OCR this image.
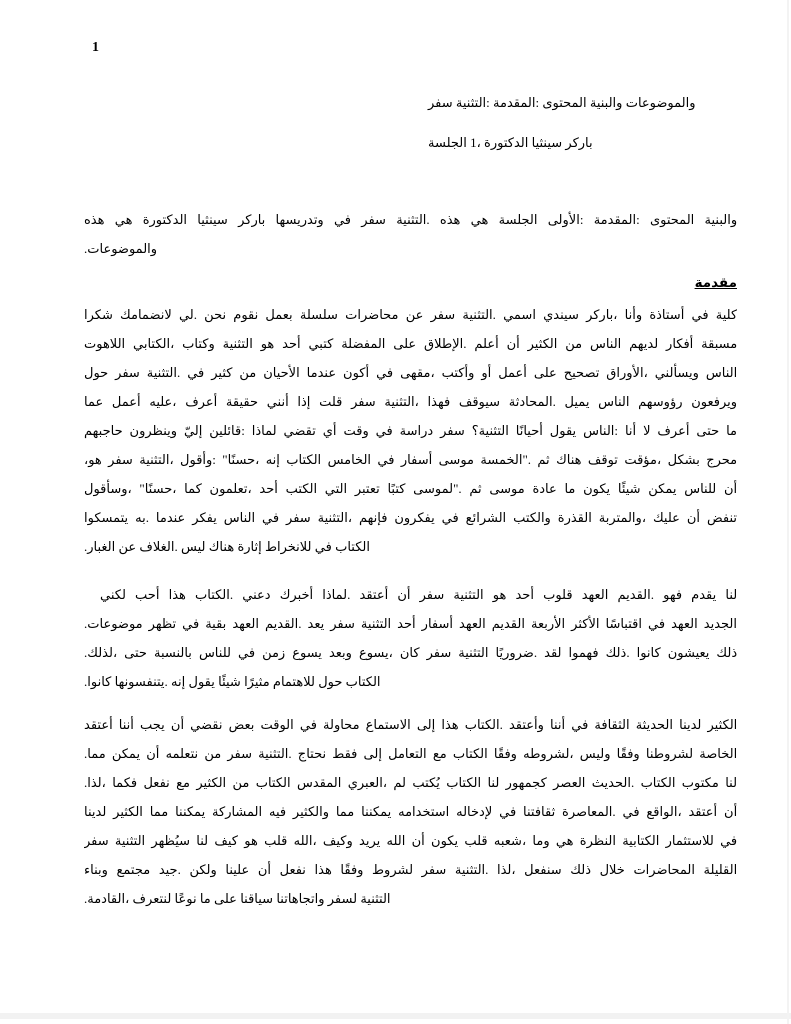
1
سفر ‎التثنية: ‎المقدمة: ‎المحتوى ‎والبنية ‎والموضوعات
الجلسة ‎1، ‎الدكتورة ‎سينثيا ‎باركر
هذه ‎هي ‎الدكتورة ‎سينثيا ‎باركر ‎وتدريسها ‎في ‎سفر ‎التثنية. ‎هذه ‎هي ‎الجلسة ‎الأولى: ‎المقدمة: ‎المحتوى ‎والبنية
.والموضوعات
مقدمة
شكرا ‎لانضمامك ‎لي. ‎نحن ‎نقوم ‎بعمل ‎سلسلة ‎محاضرات ‎عن ‎سفر ‎التثنية. ‎اسمي ‎سيندي ‎باركر، ‎وأنا ‎أستاذة ‎في ‎كلية
اللاهوت ‎الكتابي، ‎وكتاب ‎التثنية ‎هو ‎أحد ‎كتبي ‎المفضلة ‎على ‎الإطلاق. ‎أعلم ‎أن ‎الكثير ‎من ‎الناس ‎لديهم ‎أفكار ‎مسبقة
حول ‎سفر ‎التثنية. ‎في ‎كثير ‎من ‎الأحيان ‎عندما ‎أكون ‎في ‎مقهى، ‎وأكتب ‎أو ‎أعمل ‎على ‎تصحيح ‎الأوراق، ‎ويسألني ‎الناس
عما ‎أعمل ‎عليه، ‎أعرف ‎حقيقة ‎أنني ‎إذا ‎قلت ‎سفر ‎التثنية، ‎فهذا ‎سيوقف ‎المحادثة. ‎يميل ‎الناس ‎رؤوسهم ‎ويرفعون
حاجبهم ‎وينظرون ‎إليّ ‎قائلين: ‎لماذا ‎تقضي ‎أي ‎وقت ‎في ‎دراسة ‎سفر ‎التثنية؟ ‎أحيانًا ‎يقول ‎الناس: ‎أنا ‎لا ‎أعرف ‎حتى ‎ما
،هو ‎سفر ‎التثنية، ‎وأقول: ‎"حسنًا، ‎إنه ‎الكتاب ‎الخامس ‎في ‎أسفار ‎موسى ‎الخمسة". ‎ثم ‎هناك ‎توقف ‎مؤقت، ‎بشكل ‎محرج
وسأقول، ‎"حسنًا، ‎كما ‎تعلمون، ‎أحد ‎الكتب ‎التي ‎تعتبر ‎كتبًا ‎لموسى". ‎ثم ‎موسى ‎عادة ‎ما ‎يكون ‎شيئًا ‎يمكن ‎للناس ‎أن
يتمسكوا ‎به. ‎عندما ‎يفكر ‎الناس ‎في ‎سفر ‎التثنية، ‎فإنهم ‎يفكرون ‎في ‎الشرائع ‎والكتب ‎القذرة ‎والمتربة، ‎عليك ‎أن ‎تنفض
.الغبار ‎عن ‎الغلاف. ‎ليس ‎هناك ‎إثارة ‎للانخراط ‎في ‎الكتاب
لكني ‎أحب ‎هذا ‎الكتاب. ‎دعني ‎أخبرك ‎لماذا. ‎أعتقد ‎أن ‎سفر ‎التثنية ‎هو ‎أحد ‎قلوب ‎العهد ‎القديم. ‎فهو ‎يقدم ‎لنا
.موضوعات ‎تظهر ‎في ‎بقية ‎العهد ‎القديم. ‎يعد ‎سفر ‎التثنية ‎أحد ‎أسفار ‎العهد ‎القديم ‎الأربعة ‎الأكثر ‎اقتباسًا ‎في ‎العهد ‎الجديد
.لذلك، ‎حتى ‎بالنسبة ‎للناس ‎في ‎زمن ‎يسوع ‎وبعد ‎يسوع، ‎كان ‎سفر ‎التثنية ‎ضروريًا. ‎لقد ‎فهموا ‎ذلك. ‎كانوا ‎يعيشون ‎ذلك
.كانوا ‎يتنفسونها. ‎إنه ‎يقول ‎شيئًا ‎مثيرًا ‎للاهتمام ‎حول ‎الكتاب
أعتقد ‎أننا ‎يجب ‎أن ‎نقضي ‎بعض ‎الوقت ‎في ‎محاولة ‎الاستماع ‎إلى ‎هذا ‎الكتاب. ‎وأعتقد ‎أننا ‎في ‎الثقافة ‎الحديثة ‎لدينا ‎الكثير
.مما ‎يمكن ‎أن ‎نتعلمه ‎من ‎سفر ‎التثنية. ‎نحتاج ‎فقط ‎إلى ‎التعامل ‎مع ‎الكتاب ‎وفقًا ‎لشروطه، ‎وليس ‎وفقًا ‎لشروطنا ‎الخاصة
.لذا، ‎فكما ‎نفعل ‎مع ‎الكثير ‎من ‎الكتاب ‎المقدس ‎العبري، ‎لم ‎يُكتب ‎الكتاب ‎لنا ‎كجمهور ‎العصر ‎الحديث. ‎الكتاب ‎مكتوب ‎لنا
لدينا ‎الكثير ‎مما ‎يمكننا ‎المشاركة ‎فيه ‎والكثير ‎مما ‎يمكننا ‎استخدامه ‎لإدخاله ‎في ‎ثقافتنا ‎المعاصرة. ‎في ‎الواقع، ‎أعتقد ‎أن
سفر ‎التثنية ‎سيُظهر ‎لنا ‎كيف ‎هو ‎قلب ‎الله، ‎وكيف ‎يريد ‎الله ‎أن ‎يكون ‎قلب ‎شعبه، ‎وما ‎هي ‎النظرة ‎الكتابية ‎للاستثمار ‎في
وبناء ‎مجتمع ‎جيد. ‎ولكن ‎علينا ‎أن ‎نفعل ‎هذا ‎وفقًا ‎لشروط ‎سفر ‎التثنية. ‎لذا، ‎سنفعل ‎ذلك ‎خلال ‎المحاضرات ‎القليلة
.القادمة، ‎لنتعرف ‎نوعًا ‎ما ‎على ‎سياقنا ‎واتجاهاتنا ‎لسفر ‎التثنية
